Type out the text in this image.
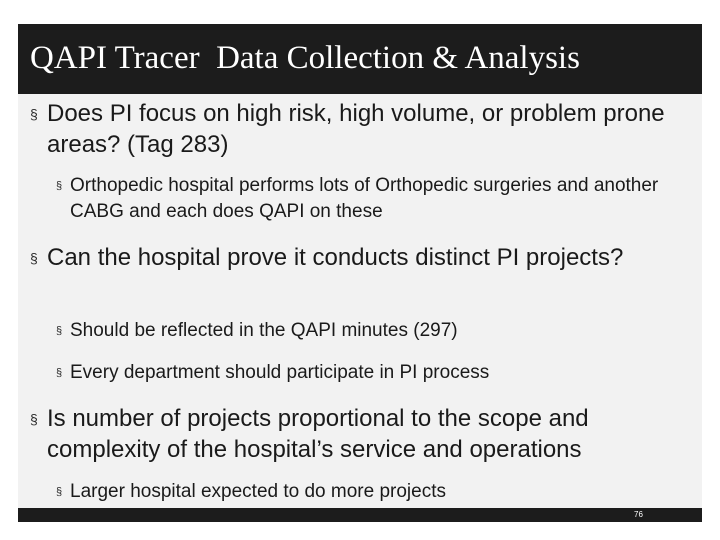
QAPI Tracer  Data Collection & Analysis
§ Does PI focus on high risk, high volume, or problem prone areas? (Tag 283)
§ Orthopedic hospital performs lots of Orthopedic surgeries and another CABG and each does QAPI on these
§ Can the hospital prove it conducts distinct PI projects?
§ Should be reflected in the QAPI minutes (297)
§ Every department should participate in PI process
§ Is number of projects proportional to the scope and complexity of the hospital’s service and operations
§ Larger hospital expected to do more projects
76
